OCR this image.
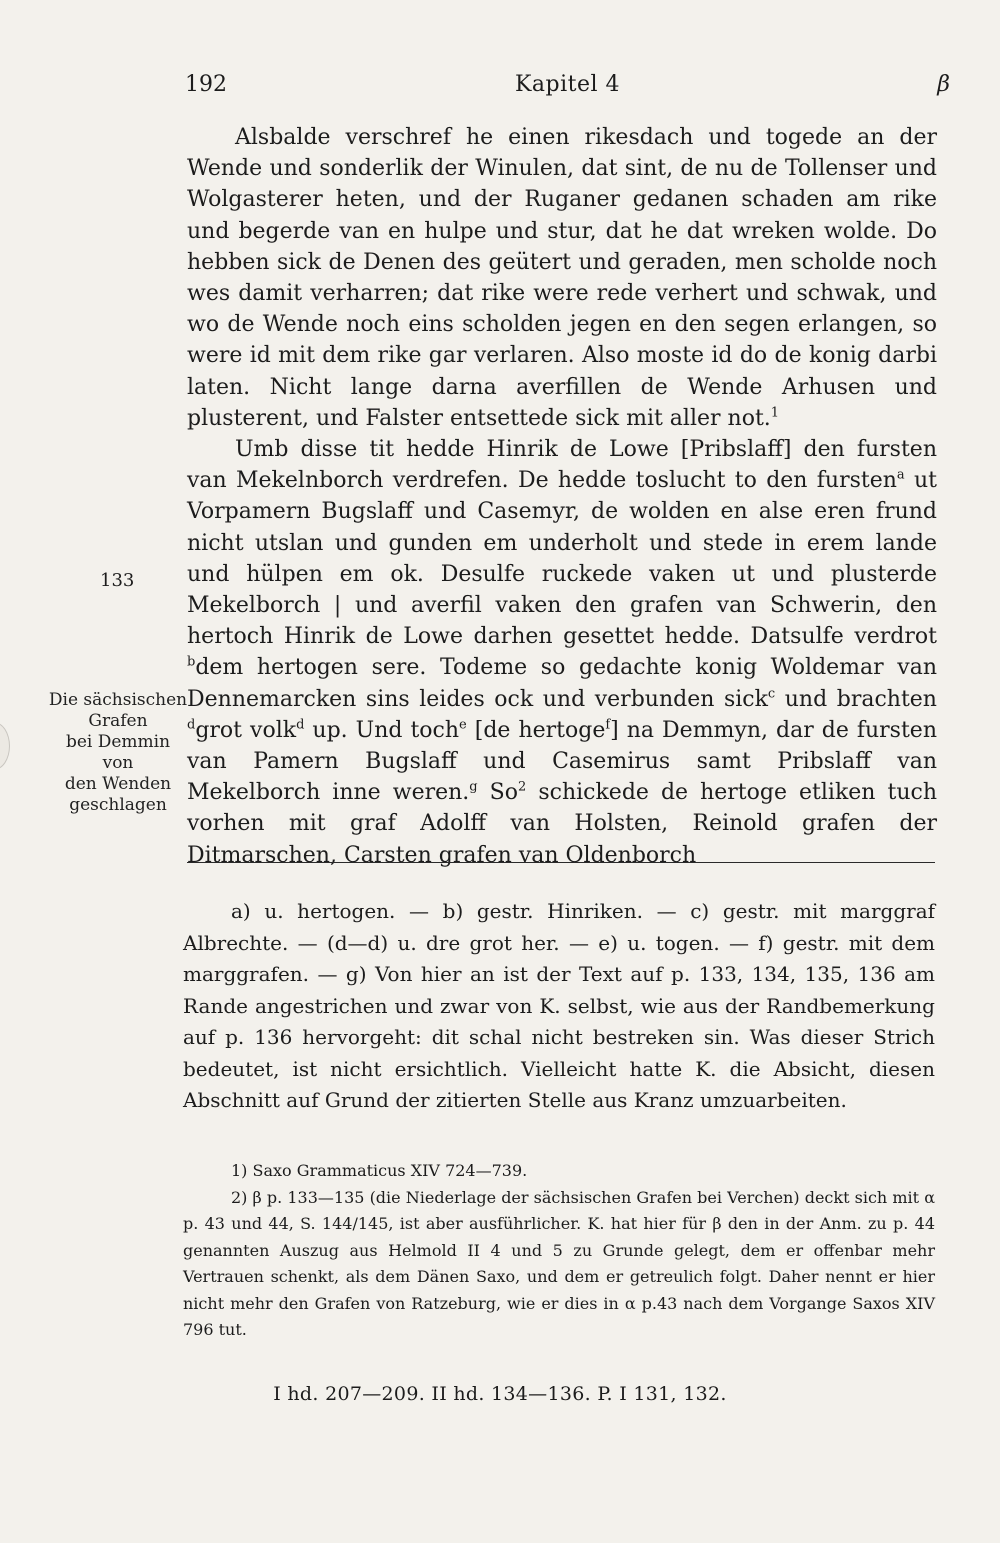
192	Kapitel 4	β

Alsbalde verschref he einen rikesdach und togede an der Wende und sonderlik der Winulen, dat sint, de nu de Tollenser und Wolgasterer heten, und der Ruganer gedanen schaden am rike und begerde van en hulpe und stur, dat he dat wreken wolde. Do hebben sick de Denen des geütert und geraden, men scholde noch wes damit verharren; dat rike were rede verhert und schwak, und wo de Wende noch eins scholden jegen en den segen erlangen, so were id mit dem rike gar verlaren. Also moste id do de konig darbi laten. Nicht lange darna averfillen de Wende Arhusen und plusterent, und Falster entsettede sick mit aller not.$^1$

Umb disse tit hedde Hinrik de Lowe [Pribslaff] den fursten van Mekelnborch verdrefen. De hedde tosluсht to den fursten$^a$ ut Vorpamern Bugslaff und Casemyr, de wolden en alse eren frund nicht utslan und gunden em underholt und stede in erem lande und hülpen em ok. Desulfe ruckede vaken ut und plusterde Mekelborch | und averfil vaken den grafen van Schwerin, den hertoch Hinrik de Lowe darhen gesettet hedde. Datsulfe verdrot $^b$dem hertogen sere. Todeme so gedachte konig Woldemar van Dennemarcken sins leides ock und verbunden sick$^c$ und brachten $^d$grot volk$^d$ up. Und toch$^e$ [de hertoge$^f$] na Demmyn, dar de fursten van Pamern Bugslaff und Casemirus samt Pribslaff van Mekelborch inne weren.$^g$ So$^2$ schickede de hertoge etliken tuch vorhen mit graf Adolff van Holsten, Reinold grafen der Ditmarschen, Carsten grafen van Oldenborch

133
Die sächsischen
Grafen
bei Demmin
von
den Wenden
geschlagen

a) u. hertogen. — b) gestr. Hinriken. — c) gestr. mit marggraf Albrechte. — (d—d) u. dre grot her. — e) u. togen. — f) gestr. mit dem marggrafen. — g) Von hier an ist der Text auf p. 133, 134, 135, 136 am Rande angestrichen und zwar von K. selbst, wie aus der Randbemerkung auf p. 136 hervorgeht: dit schal nicht bestreken sin. Was dieser Strich bedeutet, ist nicht ersichtlich. Vielleicht hatte K. die Absicht, diesen Abschnitt auf Grund der zitierten Stelle aus Kranz umzuarbeiten.

1) Saxo Grammaticus XIV 724—739.

2) β p. 133—135 (die Niederlage der sächsischen Grafen bei Verchen) deckt sich mit α p. 43 und 44, S. 144/145, ist aber ausführlicher. K. hat hier für β den in der Anm. zu p. 44 genannten Auszug aus Helmold II 4 und 5 zu Grunde gelegt, dem er offenbar mehr Vertrauen schenkt, als dem Dänen Saxo, und dem er getreulich folgt. Daher nennt er hier nicht mehr den Grafen von Ratzeburg, wie er dies in α p.43 nach dem Vorgange Saxos XIV 796 tut.

I hd. 207—209. II hd. 134—136. P. I 131, 132.
